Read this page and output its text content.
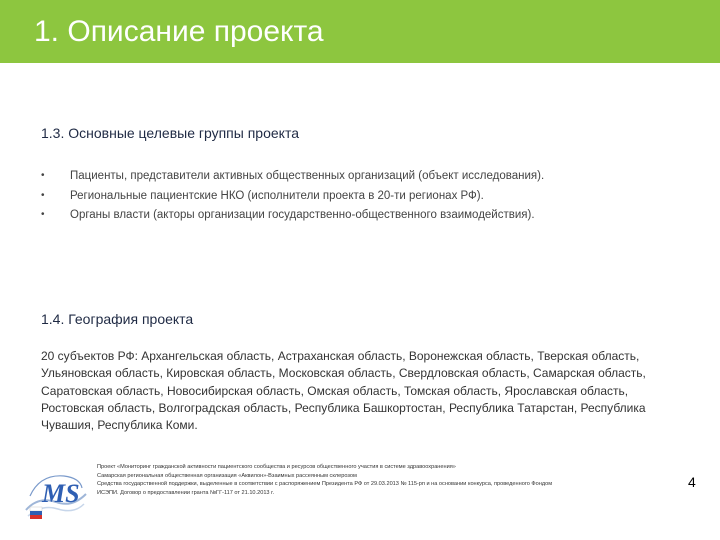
1. Описание проекта
1.3. Основные целевые группы проекта
•	Пациенты, представители активных общественных организаций (объект исследования).
•	Региональные пациентские НКО (исполнители проекта в 20-ти регионах РФ).
•	Органы власти (акторы организации государственно-общественного взаимодействия).
1.4. География проекта
20 субъектов РФ: Архангельская область, Астраханская область, Воронежская область, Тверская область, Ульяновская область, Кировская область, Московская область, Свердловская область, Самарская область, Саратовская область, Новосибирская область, Омская область, Томская область, Ярославская область, Ростовская область, Волгоградская область, Республика Башкортостан, Республика Татарстан, Республика Чувашия, Республика Коми.
MS
Проект «Мониторинг гражданской активности пациентского сообщества и ресурсов общественного участия в системе здравоохранения»
Самарская региональная общественная организация «Аквилон»-Взаимных рассеянным склерозом
Средства государственной поддержки, выделенные в соответствии с распоряжением Президента РФ от 29.03.2013 № 115-рп и на основании конкурса, проведенного Фондом
ИСЭПИ. Договор о предоставлении гранта №ГГ-117 от 21.10.2013 г.
4
